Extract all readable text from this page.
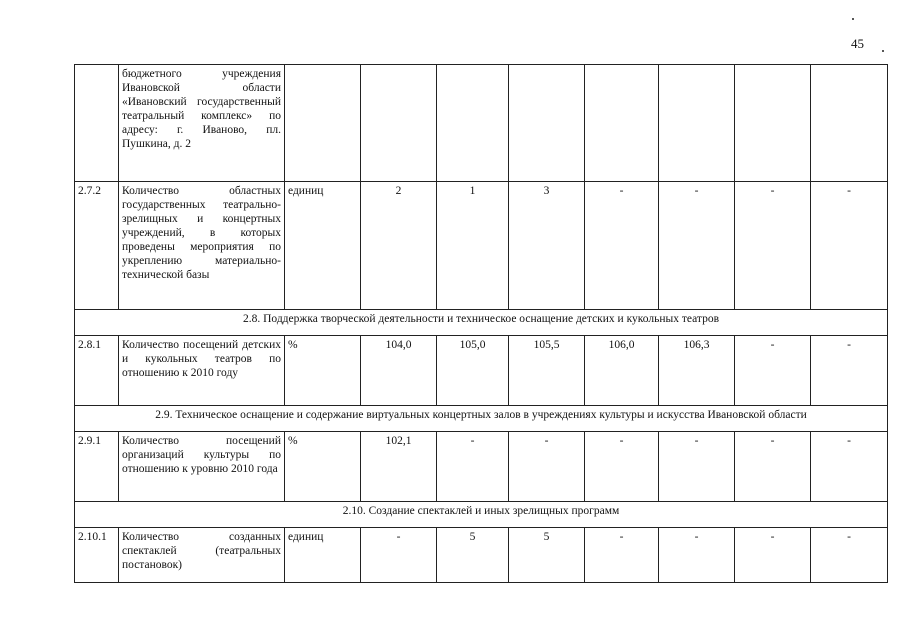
45
	бюджетного учреждения Ивановской области «Ивановский государственный театральный комплекс» по адресу: г. Иваново, пл. Пушкина, д. 2								
2.7.2	Количество областных государственных театрально-зрелищных и концертных учреждений, в которых проведены мероприятия по укреплению материально-технической базы	единиц	2	1	3	-	-	-	-
2.8. Поддержка творческой деятельности и техническое оснащение детских и кукольных театров									
2.8.1	Количество посещений детских и кукольных театров по отношению к 2010 году	%	104,0	105,0	105,5	106,0	106,3	-	-
2.9. Техническое оснащение и содержание виртуальных концертных залов в учреждениях культуры и искусства Ивановской области									
2.9.1	Количество посещений организаций культуры по отношению к уровню 2010 года	%	102,1	-	-	-	-	-	-
2.10. Создание спектаклей и иных зрелищных программ									
2.10.1	Количество созданных спектаклей (театральных постановок)	единиц	-	5	5	-	-	-	-
